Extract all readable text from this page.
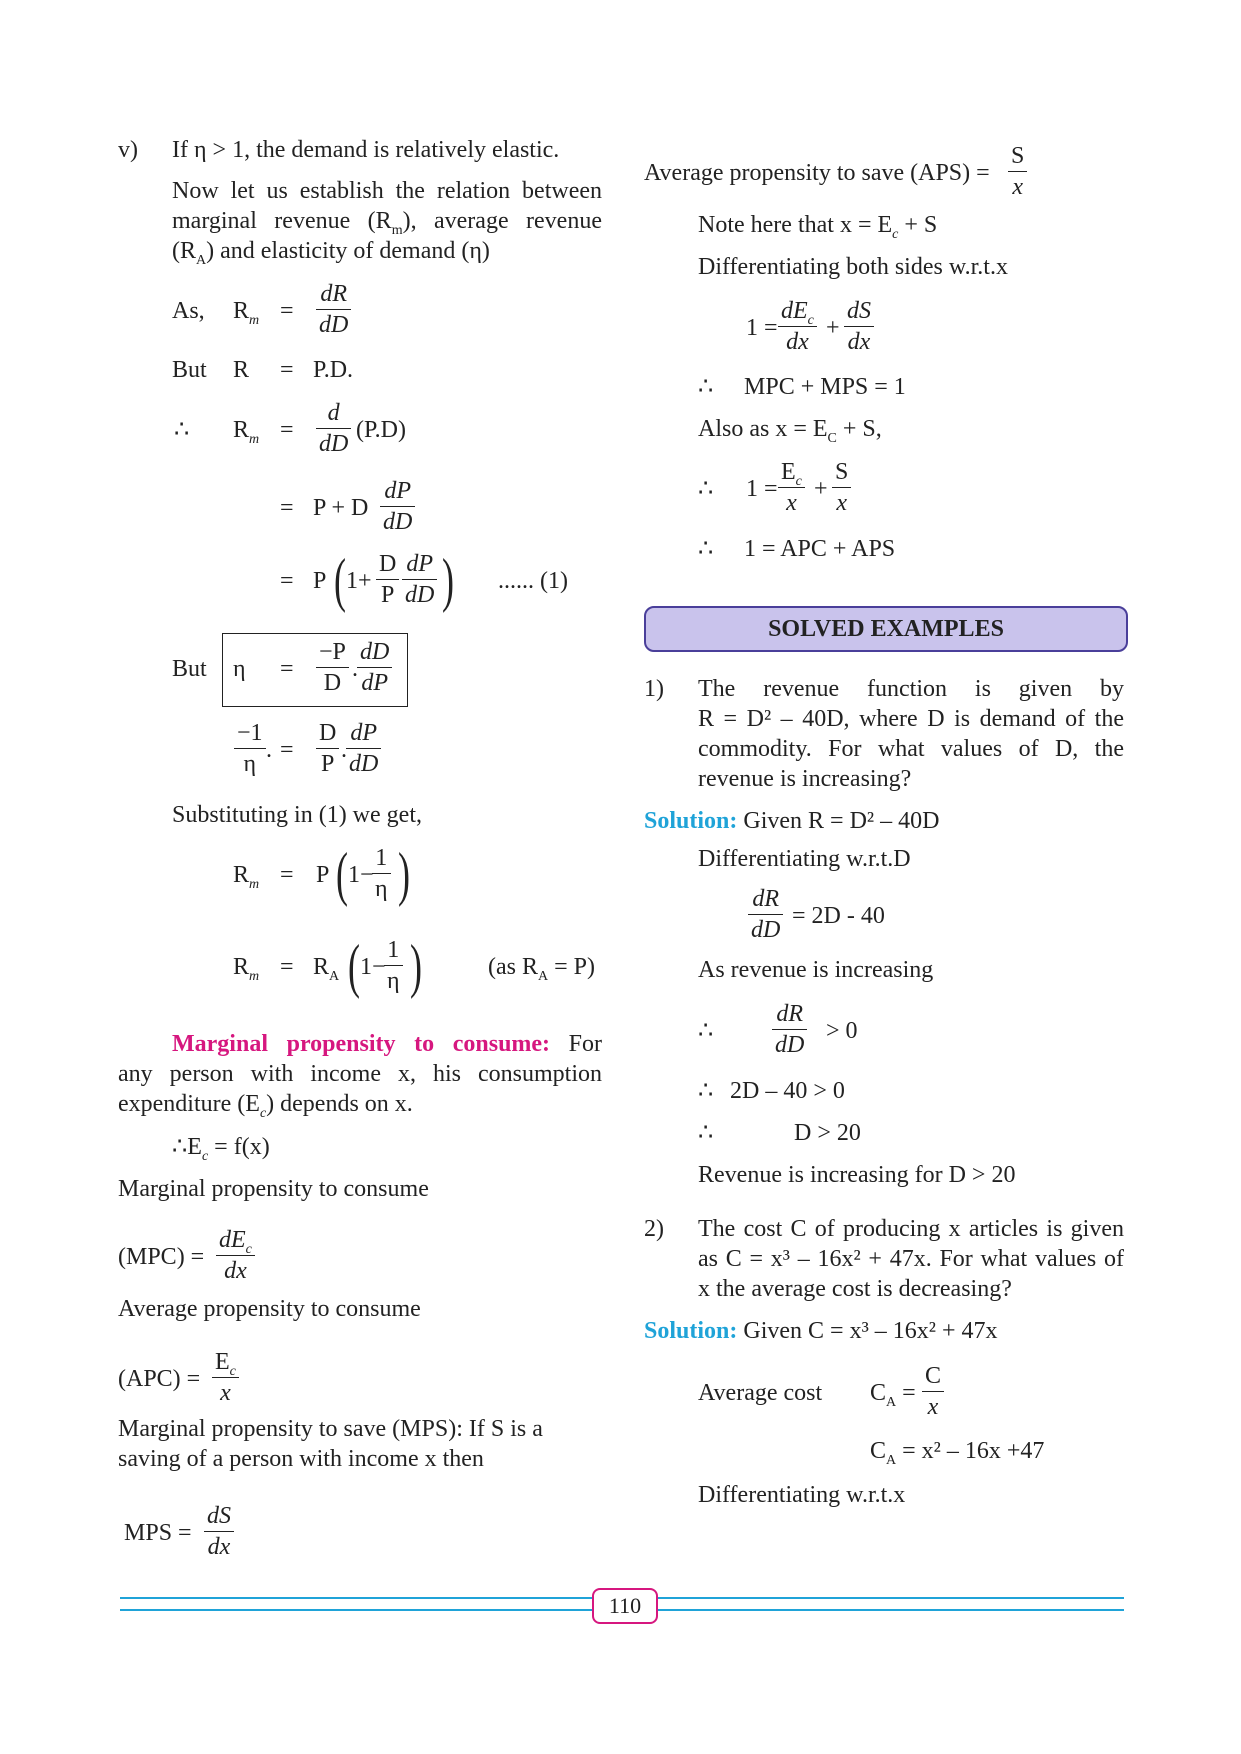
v) If η > 1, the demand is relatively elastic.
Now let us establish the relation between
marginal revenue $(R_m)$, average revenue
$(R_A)$ and elasticity of demand (η)
As, $R_m = \frac{dR}{dD}$
But R = P.D.
∴ $R_m = \frac{d}{dD} (P.D)$
= P + D $\frac{dP}{dD}$
= P ( $1+ \frac{D}{P} \frac{dP}{dD}$ ) ...... (1)
But $\eta = \frac{-P}{D}$ . $\frac{dD}{dP}$
$\frac{-1}{\eta}$ . = $\frac{D}{P}$ . $\frac{dP}{dD}$
Substituting in (1) we get,
$R_m = P$ ( 1−
$\frac{1}{\eta}$ )
$R_m = R_A$ ( 1−
$\frac{1}{\eta}$ )	(as $R_A = P$)
Marginal propensity to consume: For
any person with income x, his consumption
expenditure $(E_c)$ depends on x.
$\therefore E_c = f(x)$
Marginal propensity to consume
(MPC) =
$dE_c$
dx
Average propensity to consume
$(APC) = \frac{E_c}{x}$
Marginal propensity to save (MPS): If S is a
saving of a person with income x then
MPS = $\frac{dS}{dx}$
Average propensity to save $(APS) = \frac{S}{x}$
Note here that $x = E_c + S$
Differentiating both sides w.r.t.x
1 =
$dE_c$
dx
+ $\frac{dS}{dx}$
∴ MPC + MPS = 1
Also as $x = E_C + S$,
∴ $1 = \frac{E_c}{x} + \frac{S}{x}$
∴ 1 = APC + APS
SOLVED EXAMPLES
1) The revenue function is given by
R = D² – 40D, where D is demand of the
commodity. For what values of D, the
revenue is increasing?
Solution: Given R = D² – 40D
Differentiating w.r.t.D
$\frac{dR}{dD} = 2D - 40$
As revenue is increasing
∴ $\frac{dR}{dD} > 0$
∴ 2D – 40 > 0
∴	D > 20
Revenue is increasing for D > 20
2) The cost C of producing x articles is given
as C = x³ – 16x² + 47x. For what values of
x the average cost is decreasing?
Solution: Given C = x³ – 16x² + 47x
Average cost $C_A = \frac{C}{x}$
$C_A = x^2 - 16x +47$
Differentiating w.r.t.x
110
